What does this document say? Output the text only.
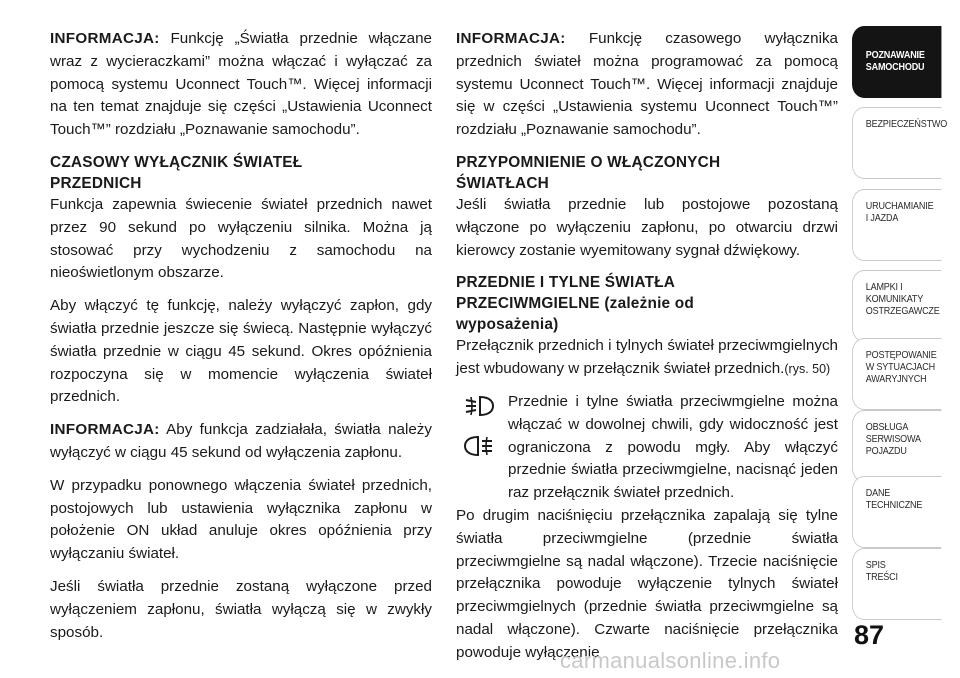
INFORMACJA: Funkcję „Światła przednie włączane wraz z wycieraczkami” można włączać i wyłączać za pomocą systemu Uconnect Touch™. Więcej informacji na ten temat znajduje się części „Ustawienia Uconnect Touch™” rozdziału „Poznawanie samochodu”.

CZASOWY WYŁĄCZNIK ŚWIATEŁ
PRZEDNICH

Funkcja zapewnia świecenie świateł przednich nawet przez 90 sekund po wyłączeniu silnika. Można ją stosować przy wychodzeniu z samochodu na nieoświetlonym obszarze.

Aby włączyć tę funkcję, należy wyłączyć zapłon, gdy światła przednie jeszcze się świecą. Następnie wyłączyć światła przednie w ciągu 45 sekund. Okres opóźnienia rozpoczyna się w momencie wyłączenia świateł przednich.

INFORMACJA: Aby funkcja zadziałała, światła należy wyłączyć w ciągu 45 sekund od wyłączenia zapłonu.

W przypadku ponownego włączenia świateł przednich, postojowych lub ustawienia wyłącznika zapłonu w położenie ON układ anuluje okres opóźnienia przy wyłączaniu świateł.

Jeśli światła przednie zostaną wyłączone przed wyłączeniem zapłonu, światła wyłączą się w zwykły sposób.

INFORMACJA: Funkcję czasowego wyłącznika przednich świateł można programować za pomocą systemu Uconnect Touch™. Więcej informacji znajduje się w części „Ustawienia systemu Uconnect Touch™” rozdziału „Poznawanie samochodu”.

PRZYPOMNIENIE O WŁĄCZONYCH
ŚWIATŁACH

Jeśli światła przednie lub postojowe pozostaną włączone po wyłączeniu zapłonu, po otwarciu drzwi kierowcy zostanie wyemitowany sygnał dźwiękowy.

PRZEDNIE I TYLNE ŚWIATŁA
PRZECIWMGIELNE (zależnie od
wyposażenia)

Przełącznik przednich i tylnych świateł przeciwmgielnych jest wbudowany w przełącznik świateł przednich.(rys. 50)

Przednie i tylne światła przeciwmgielne można włączać w dowolnej chwili, gdy widoczność jest ograniczona z powodu mgły. Aby włączyć przednie światła przeciwmgielne, nacisnąć jeden raz przełącznik świateł przednich.
Po drugim naciśnięciu przełącznika zapalają się tylne światła przeciwmgielne (przednie światła przeciwmgielne są nadal włączone). Trzecie naciśnięcie przełącznika powoduje wyłączenie tylnych świateł przeciwmgielnych (przednie światła przeciwmgielne są nadal włączone). Czwarte naciśnięcie przełącznika powoduje wyłączenie

POZNAWANIE
SAMOCHODU
BEZPIECZEŃSTWO
URUCHAMIANIE
I JAZDA
LAMPKI I
KOMUNIKATY
OSTRZEGAWCZE
POSTĘPOWANIE
W SYTUACJACH
AWARYJNYCH
OBSŁUGA
SERWISOWA
POJAZDU
DANE
TECHNICZNE
SPIS
TREŚCI
87
carmanualsonline.info
